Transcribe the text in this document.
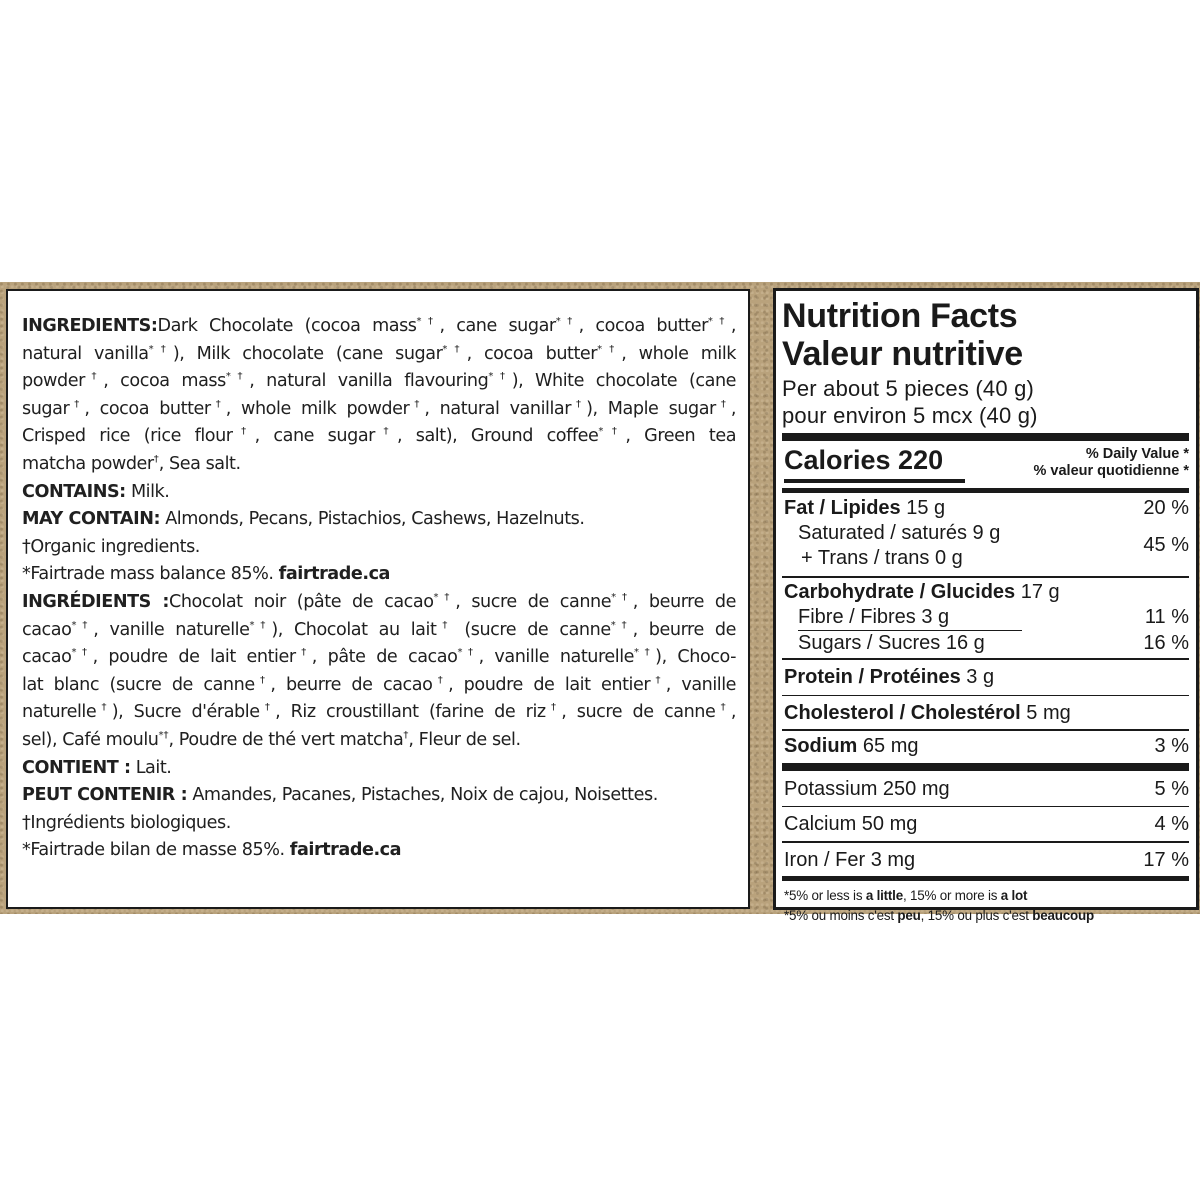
INGREDIENTS:Dark Chocolate (cocoa mass*†, cane sugar*†, cocoa butter*†,
natural vanilla*†), Milk chocolate (cane sugar*†, cocoa butter*†, whole milk
powder†, cocoa mass*†, natural vanilla flavouring*†), White chocolate (cane
sugar†, cocoa butter†, whole milk powder†, natural vanillar†), Maple sugar†,
Crisped rice (rice flour†, cane sugar†, salt), Ground coffee*†, Green tea
matcha powder†, Sea salt.
CONTAINS: Milk.
MAY CONTAIN: Almonds, Pecans, Pistachios, Cashews, Hazelnuts.
†Organic ingredients.
*Fairtrade mass balance 85%. fairtrade.ca
INGRÉDIENTS :Chocolat noir (pâte de cacao*†, sucre de canne*†, beurre de
cacao*†, vanille naturelle*†), Chocolat au lait† (sucre de canne*†, beurre de
cacao*†, poudre de lait entier†, pâte de cacao*†, vanille naturelle*†), Choco-
lat blanc (sucre de canne†, beurre de cacao†, poudre de lait entier†, vanille
naturelle†), Sucre d'érable†, Riz croustillant (farine de riz†, sucre de canne†,
sel), Café moulu*†, Poudre de thé vert matcha†, Fleur de sel.
CONTIENT : Lait.
PEUT CONTENIR : Amandes, Pacanes, Pistaches, Noix de cajou, Noisettes.
†Ingrédients biologiques.
*Fairtrade bilan de masse 85%. fairtrade.ca
Nutrition Facts
Valeur nutritive
Per about 5 pieces (40 g)
pour environ 5 mcx (40 g)
Calories 220	% Daily Value *
% valeur quotidienne *
Fat / Lipides 15 g	20 %
Saturated / saturés 9 g
+ Trans / trans 0 g
45 %
Carbohydrate / Glucides 17 g
Fibre / Fibres 3 g	11 %
Sugars / Sucres 16 g	16 %
Protein / Protéines 3 g
Cholesterol / Cholestérol 5 mg
Sodium 65 mg	3 %
Potassium 250 mg	5 %
Calcium 50 mg	4 %
Iron / Fer 3 mg	17 %
*5% or less is a little, 15% or more is a lot
*5% ou moins c'est peu, 15% ou plus c'est beaucoup
